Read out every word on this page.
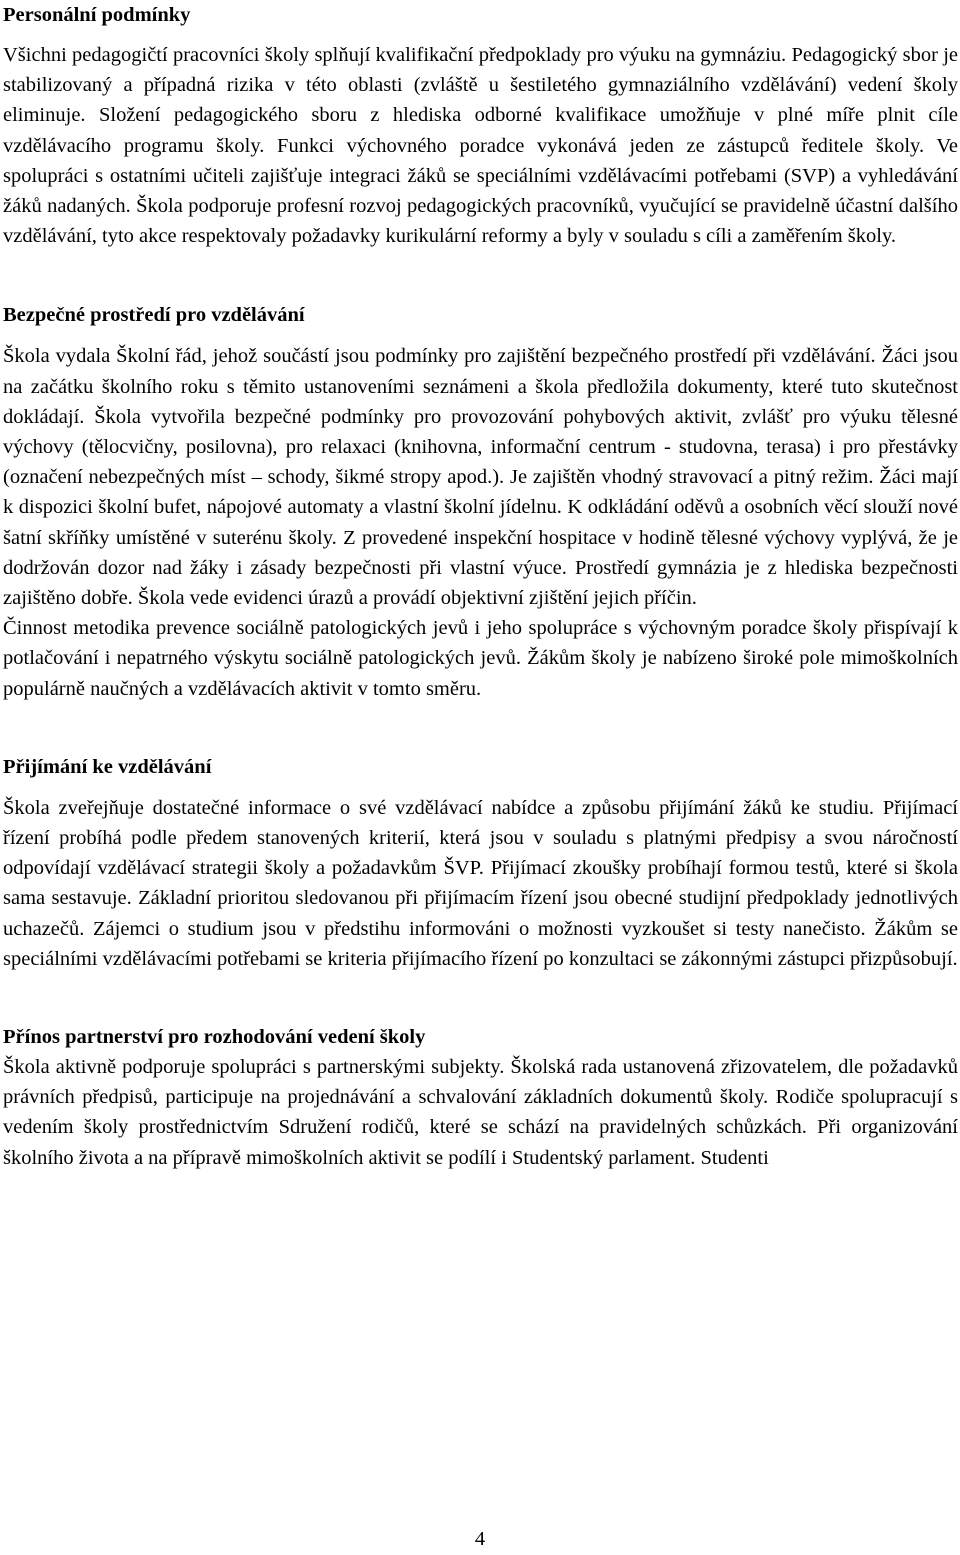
Personální podmínky

Všichni pedagogičtí pracovníci školy splňují kvalifikační předpoklady pro výuku na gymnáziu. Pedagogický sbor je stabilizovaný a případná rizika v této oblasti (zvláště u šestiletého gymnaziálního vzdělávání) vedení školy eliminuje. Složení pedagogického sboru z hlediska odborné kvalifikace umožňuje v plné míře plnit cíle vzdělávacího programu školy. Funkci výchovného poradce vykonává jeden ze zástupců ředitele školy. Ve spolupráci s ostatními učiteli zajišťuje integraci žáků se speciálními vzdělávacími potřebami (SVP) a vyhledávání žáků nadaných. Škola podporuje profesní rozvoj pedagogických pracovníků, vyučující se pravidelně účastní dalšího vzdělávání, tyto akce respektovaly požadavky kurikulární reformy a byly v souladu s cíli a zaměřením školy.

Bezpečné prostředí pro vzdělávání

Škola vydala Školní řád, jehož součástí jsou podmínky pro zajištění bezpečného prostředí při vzdělávání. Žáci jsou na začátku školního roku s těmito ustanoveními seznámeni a škola předložila dokumenty, které tuto skutečnost dokládají. Škola vytvořila bezpečné podmínky pro provozování pohybových aktivit, zvlášť pro výuku tělesné výchovy (tělocvičny, posilovna), pro relaxaci (knihovna, informační centrum - studovna, terasa) i pro přestávky (označení nebezpečných míst – schody, šikmé stropy apod.). Je zajištěn vhodný stravovací a pitný režim. Žáci mají k dispozici školní bufet, nápojové automaty a vlastní školní jídelnu. K odkládání oděvů a osobních věcí slouží nové šatní skříňky umístěné v suterénu školy. Z provedené inspekční hospitace v hodině tělesné výchovy vyplývá, že je dodržován dozor nad žáky i zásady bezpečnosti při vlastní výuce. Prostředí gymnázia je z hlediska bezpečnosti zajištěno dobře. Škola vede evidenci úrazů a provádí objektivní zjištění jejich příčin.

Činnost metodika prevence sociálně patologických jevů i jeho spolupráce s výchovným poradce školy přispívají k potlačování i nepatrného výskytu sociálně patologických jevů. Žákům školy je nabízeno široké pole mimoškolních populárně naučných a vzdělávacích aktivit v tomto směru.

Přijímání ke vzdělávání

Škola zveřejňuje dostatečné informace o své vzdělávací nabídce a způsobu přijímání žáků ke studiu. Přijímací řízení probíhá podle předem stanovených kriterií, která jsou v souladu s platnými předpisy a svou náročností odpovídají vzdělávací strategii školy a požadavkům ŠVP. Přijímací zkoušky probíhají formou testů, které si škola sama sestavuje. Základní prioritou sledovanou při přijímacím řízení jsou obecné studijní předpoklady jednotlivých uchazečů. Zájemci o studium jsou v předstihu informováni o možnosti vyzkoušet si testy nanečisto. Žákům se speciálními vzdělávacími potřebami se kriteria přijímacího řízení po konzultaci se zákonnými zástupci přizpůsobují.

Přínos partnerství pro rozhodování vedení školy

Škola aktivně podporuje spolupráci s partnerskými subjekty. Školská rada ustanovená zřizovatelem, dle požadavků právních předpisů, participuje na projednávání a schvalování základních dokumentů školy. Rodiče spolupracují s vedením školy prostřednictvím Sdružení rodičů, které se schází na pravidelných schůzkách. Při organizování školního života a na přípravě mimoškolních aktivit se podílí i Studentský parlament. Studenti

4
